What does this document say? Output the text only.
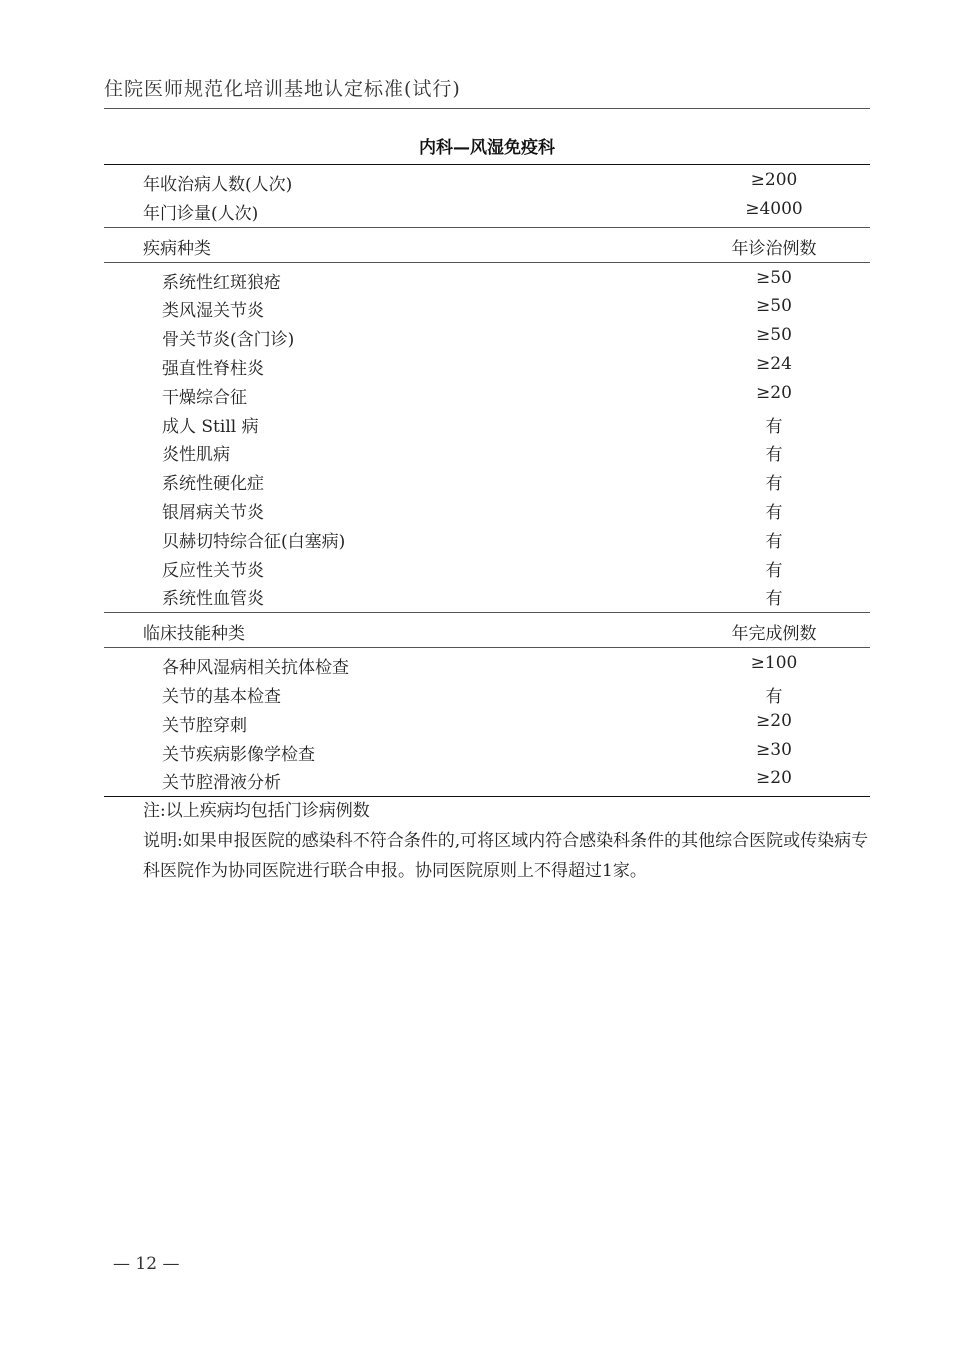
住院医师规范化培训基地认定标准(试行)
内科—风湿免疫科
年收治病人数(人次)	≥200
年门诊量(人次)	≥4000
疾病种类	年诊治例数
系统性红斑狼疮	≥50
类风湿关节炎	≥50
骨关节炎(含门诊)	≥50
强直性脊柱炎	≥24
干燥综合征	≥20
成人 Still 病	有
炎性肌病	有
系统性硬化症	有
银屑病关节炎	有
贝赫切特综合征(白塞病)	有
反应性关节炎	有
系统性血管炎	有
临床技能种类	年完成例数
各种风湿病相关抗体检查	≥100
关节的基本检查	有
关节腔穿刺	≥20
关节疾病影像学检查	≥30
关节腔滑液分析	≥20
注:以上疾病均包括门诊病例数
说明:如果申报医院的感染科不符合条件的,可将区域内符合感染科条件的其他综合医院或传染病专科医院作为协同医院进行联合申报。协同医院原则上不得超过1家。
— 12 —
